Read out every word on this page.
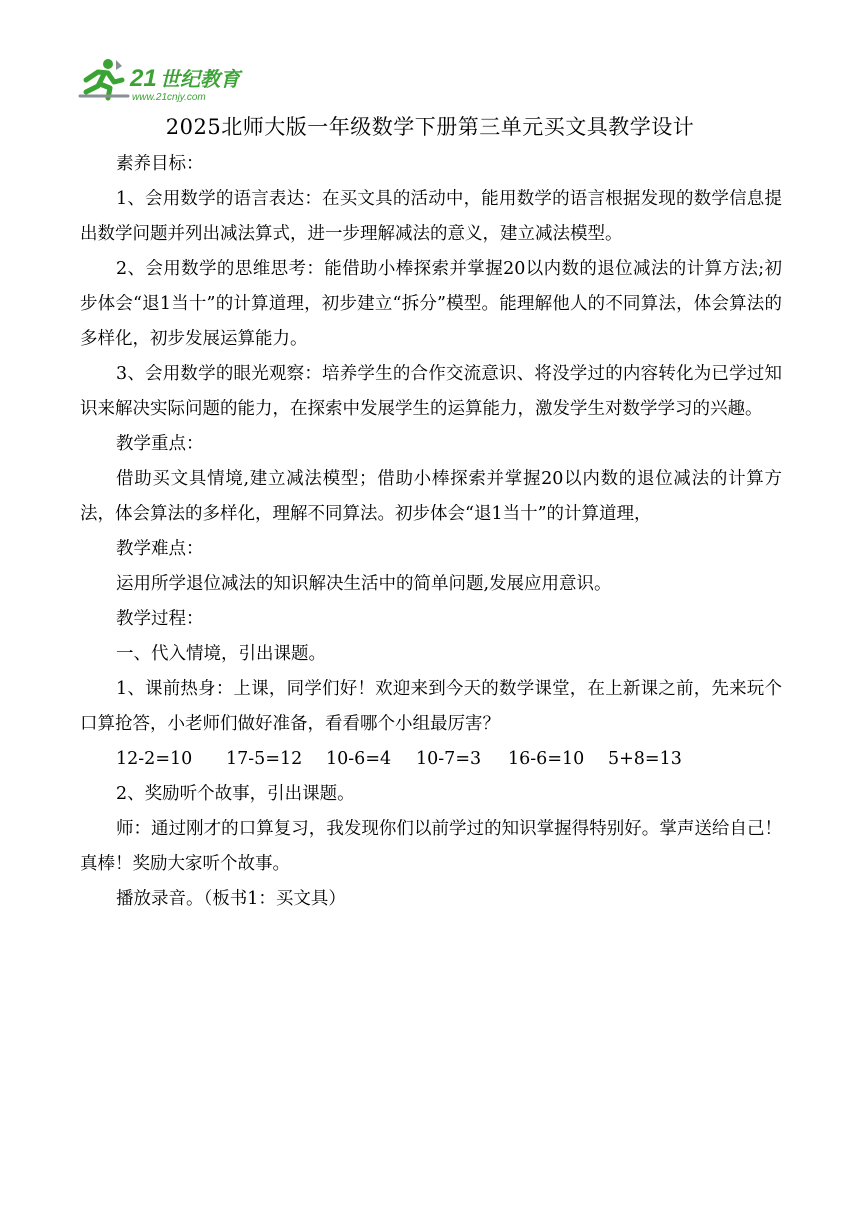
21 世纪教育
www.21cnjy.com
2025北师大版一年级数学下册第三单元买文具教学设计

素养目标：

1、会用数学的语言表达：在买文具的活动中，能用数学的语言根据发现的数学信息提出数学问题并列出减法算式，进一步理解减法的意义，建立减法模型。

2、会用数学的思维思考：能借助小棒探索并掌握20以内数的退位减法的计算方法;初步体会“退1当十”的计算道理，初步建立“拆分”模型。能理解他人的不同算法，体会算法的多样化，初步发展运算能力。

3、会用数学的眼光观察：培养学生的合作交流意识、将没学过的内容转化为已学过知识来解决实际问题的能力，在探索中发展学生的运算能力，激发学生对数学学习的兴趣。

教学重点：

借助买文具情境,建立减法模型；借助小棒探索并掌握20以内数的退位减法的计算方法，体会算法的多样化，理解不同算法。初步体会“退1当十”的计算道理，

教学难点：

运用所学退位减法的知识解决生活中的简单问题,发展应用意识。

教学过程：

一、代入情境，引出课题。

1、课前热身：上课，同学们好！欢迎来到今天的数学课堂，在上新课之前，先来玩个口算抢答，小老师们做好准备，看看哪个小组最厉害？

12-2=10 17-5=12 10-6=4 10-7=3 16-6=10 5+8=13

2、奖励听个故事，引出课题。

师：通过刚才的口算复习，我发现你们以前学过的知识掌握得特别好。掌声送给自己！真棒！奖励大家听个故事。

播放录音。（板书1：买文具）
